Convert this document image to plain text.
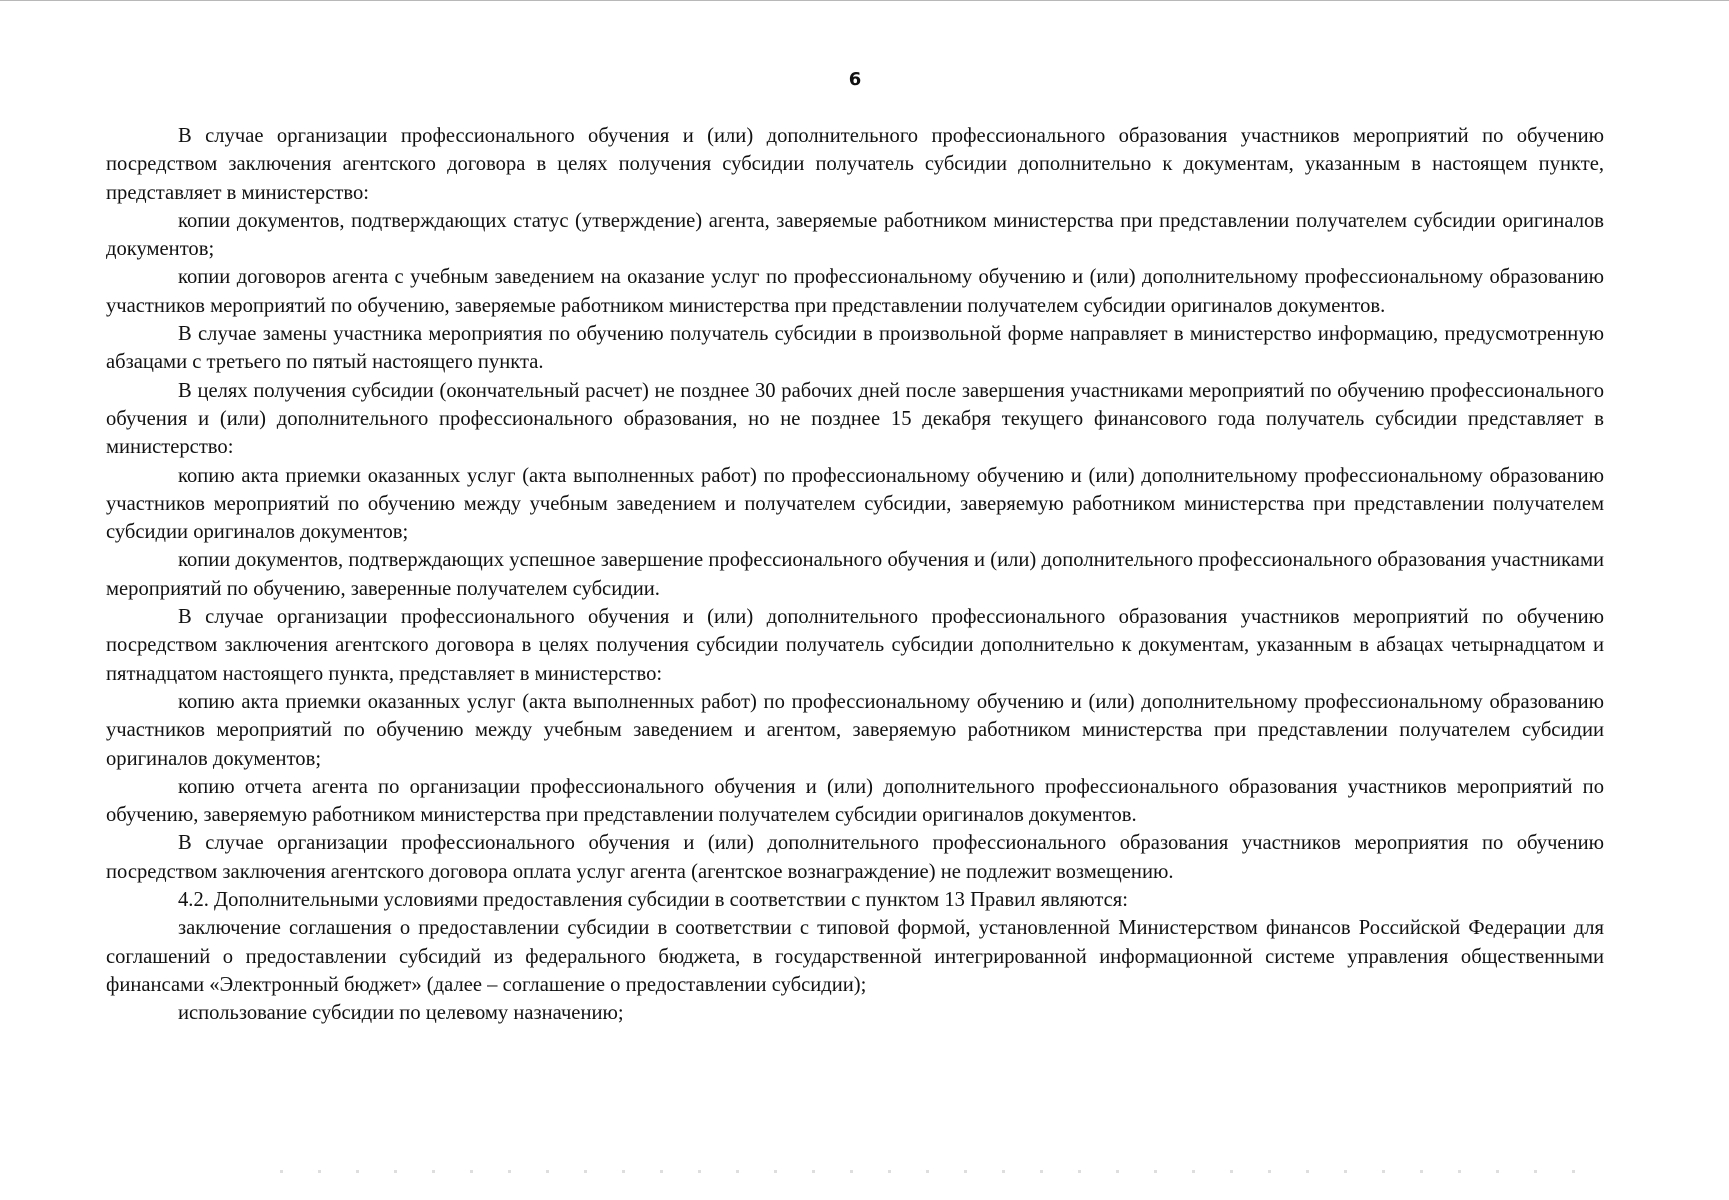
6

В случае организации профессионального обучения и (или) дополнительного профессионального образования участников мероприятий по обучению посредством заключения агентского договора в целях получения субсидии получатель субсидии дополнительно к документам, указанным в настоящем пункте, представляет в министерство:

копии документов, подтверждающих статус (утверждение) агента, заверяемые работником министерства при представлении получателем субсидии оригиналов документов;

копии договоров агента с учебным заведением на оказание услуг по профессиональному обучению и (или) дополнительному профессиональному образованию участников мероприятий по обучению, заверяемые работником министерства при представлении получателем субсидии оригиналов документов.

В случае замены участника мероприятия по обучению получатель субсидии в произвольной форме направляет в министерство информацию, предусмотренную абзацами с третьего по пятый настоящего пункта.

В целях получения субсидии (окончательный расчет) не позднее 30 рабочих дней после завершения участниками мероприятий по обучению профессионального обучения и (или) дополнительного профессионального образования, но не позднее 15 декабря текущего финансового года получатель субсидии представляет в министерство:

копию акта приемки оказанных услуг (акта выполненных работ) по профессиональному обучению и (или) дополнительному профессиональному образованию участников мероприятий по обучению между учебным заведением и получателем субсидии, заверяемую работником министерства при представлении получателем субсидии оригиналов документов;

копии документов, подтверждающих успешное завершение профессионального обучения и (или) дополнительного профессионального образования участниками мероприятий по обучению, заверенные получателем субсидии.

В случае организации профессионального обучения и (или) дополнительного профессионального образования участников мероприятий по обучению посредством заключения агентского договора в целях получения субсидии получатель субсидии дополнительно к документам, указанным в абзацах четырнадцатом и пятнадцатом настоящего пункта, представляет в министерство:

копию акта приемки оказанных услуг (акта выполненных работ) по профессиональному обучению и (или) дополнительному профессиональному образованию участников мероприятий по обучению между учебным заведением и агентом, заверяемую работником министерства при представлении получателем субсидии оригиналов документов;

копию отчета агента по организации профессионального обучения и (или) дополнительного профессионального образования участников мероприятий по обучению, заверяемую работником министерства при представлении получателем субсидии оригиналов документов.

В случае организации профессионального обучения и (или) дополнительного профессионального образования участников мероприятия по обучению посредством заключения агентского договора оплата услуг агента (агентское вознаграждение) не подлежит возмещению.

4.2. Дополнительными условиями предоставления субсидии в соответствии с пунктом 13 Правил являются:

заключение соглашения о предоставлении субсидии в соответствии с типовой формой, установленной Министерством финансов Российской Федерации для соглашений о предоставлении субсидий из федерального бюджета, в государственной интегрированной информационной системе управления общественными финансами «Электронный бюджет» (далее – соглашение о предоставлении субсидии);

использование субсидии по целевому назначению;
